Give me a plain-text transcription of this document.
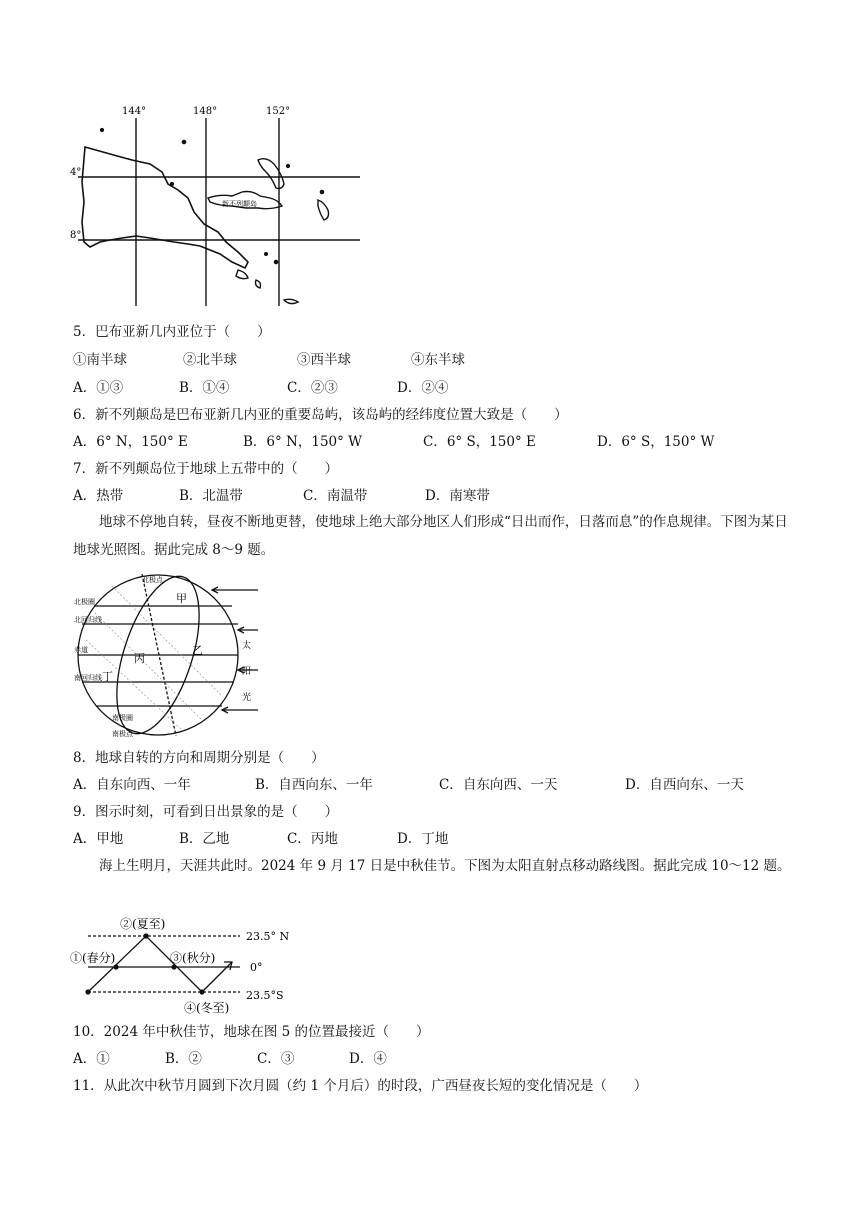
144°	148°	152°
4°
8°
新不列颠岛
5．巴布亚新几内亚位于（　　）
①南半球	②北半球	③西半球	④东半球
A．①③	B．①④	C．②③	D．②④
6．新不列颠岛是巴布亚新几内亚的重要岛屿，该岛屿的经纬度位置大致是（　　）
A．6° N，150° E	B．6° N，150° W	C．6° S，150° E	D．6° S，150° W
7．新不列颠岛位于地球上五带中的（　　）
A．热带	B．北温带	C．南温带	D．南寒带
地球不停地自转，昼夜不断地更替，使地球上绝大部分地区人们形成“日出而作，日落而息”的作息规律。下图为某日地球光照图。据此完成 8～9 题。
北极圈
北回归线
赤道
南回归线
南极圈
北极点
南极点
甲
乙
丙
丁
太
阳
光
8．地球自转的方向和周期分别是（　　）
A．自东向西、一年	B．自西向东、一年	C．自东向西、一天	D．自西向东、一天
9．图示时刻，可看到日出景象的是（　　）
A．甲地	B．乙地	C．丙地	D．丁地
海上生明月，天涯共此时。2024 年 9 月 17 日是中秋佳节。下图为太阳直射点移动路线图。据此完成 10～12 题。
②(夏至)
①(春分)	③(秋分)
④(冬至)
23.5° N
0°
23.5°S
10．2024 年中秋佳节，地球在图 5 的位置最接近（　　）
A．①	B．②	C．③	D．④
11．从此次中秋节月圆到下次月圆（约 1 个月后）的时段，广西昼夜长短的变化情况是（　　）
